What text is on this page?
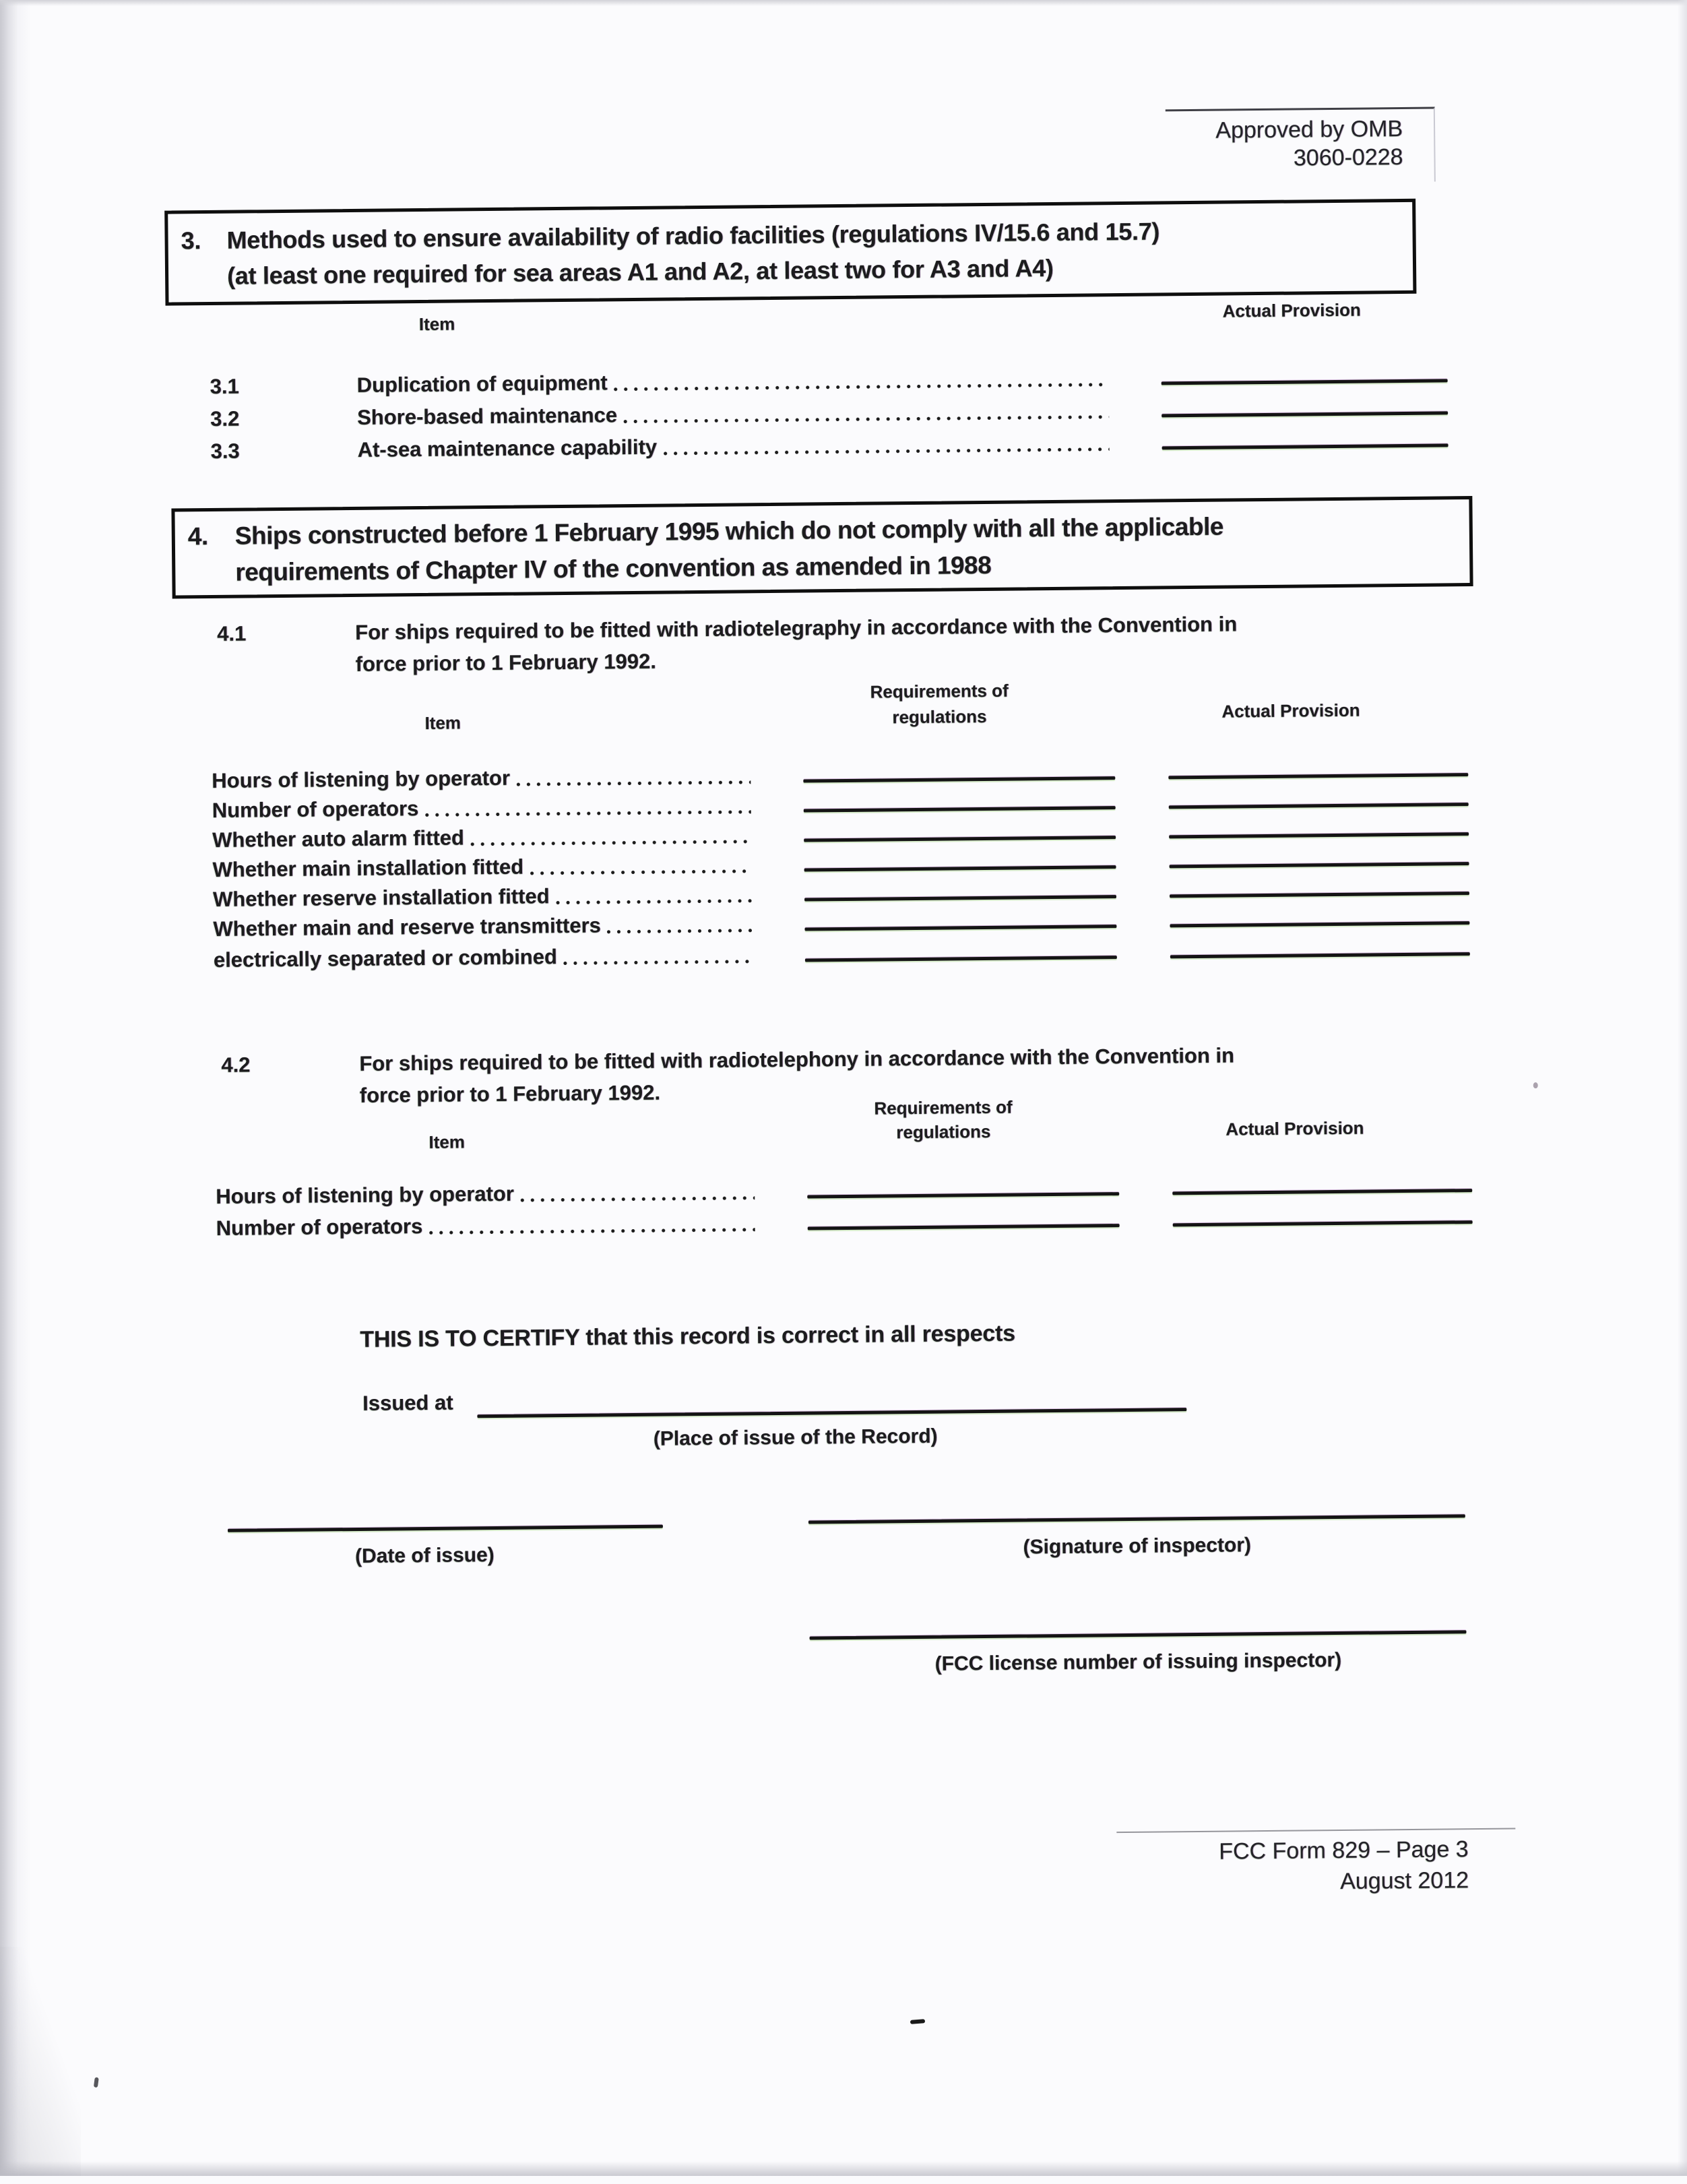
Approved by OMB
3060-0228
3. Methods used to ensure availability of radio facilities (regulations IV/15.6 and 15.7)
(at least one required for sea areas A1 and A2, at least two for A3 and A4)
Item
Actual Provision
3.1	Duplication of equipment
3.2	Shore-based maintenance
3.3	At-sea maintenance capability
4. Ships constructed before 1 February 1995 which do not comply with all the applicable
requirements of Chapter IV of the convention as amended in 1988
4.1	For ships required to be fitted with radiotelegraphy in accordance with the Convention in
force prior to 1 February 1992.
Requirements of
regulations
Item
Actual Provision
Hours of listening by operator
Number of operators
Whether auto alarm fitted
Whether main installation fitted
Whether reserve installation fitted
Whether main and reserve transmitters
electrically separated or combined
4.2	For ships required to be fitted with radiotelephony in accordance with the Convention in
force prior to 1 February 1992.
Requirements of
regulations
Item
Actual Provision
Hours of listening by operator
Number of operators
THIS IS TO CERTIFY that this record is correct in all respects
Issued at
(Place of issue of the Record)
(Date of issue)	(Signature of inspector)
(FCC license number of issuing inspector)
FCC Form 829 – Page 3
August 2012
